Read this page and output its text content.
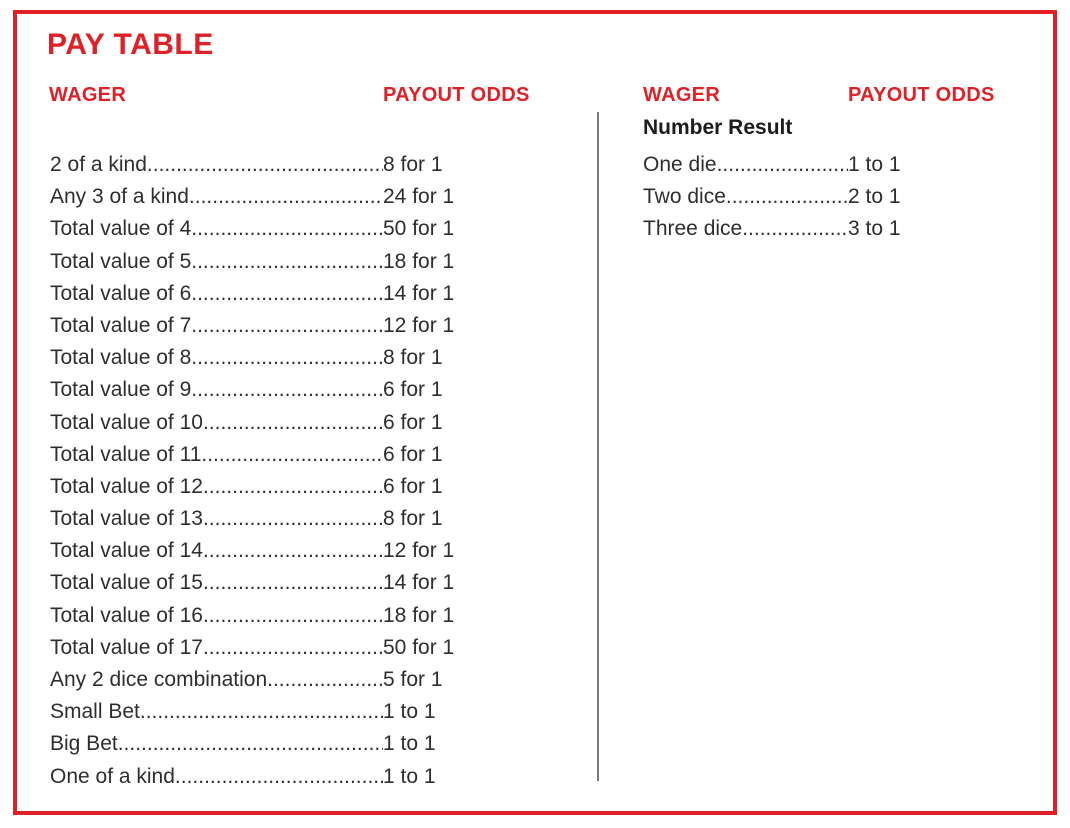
PAY TABLE
WAGER	PAYOUT ODDS	WAGER	PAYOUT ODDS
Number Result
2 of a kind .....	8 for 1
Any 3 of a kind .....	24 for 1
Total value of 4 .....	50 for 1
Total value of 5 .....	18 for 1
Total value of 6 .....	14 for 1
Total value of 7 .....	12 for 1
Total value of 8 .....	8 for 1
Total value of 9 .....	6 for 1
Total value of 10 .....	6 for 1
Total value of 11 .....	6 for 1
Total value of 12 .....	6 for 1
Total value of 13 .....	8 for 1
Total value of 14 .....	12 for 1
Total value of 15 .....	14 for 1
Total value of 16 .....	18 for 1
Total value of 17 .....	50 for 1
Any 2 dice combination .....	5 for 1
Small Bet .....	1 to 1
Big Bet .....	1 to 1
One of a kind .....	1 to 1
One die .....	1 to 1
Two dice .....	2 to 1
Three dice .....	3 to 1
